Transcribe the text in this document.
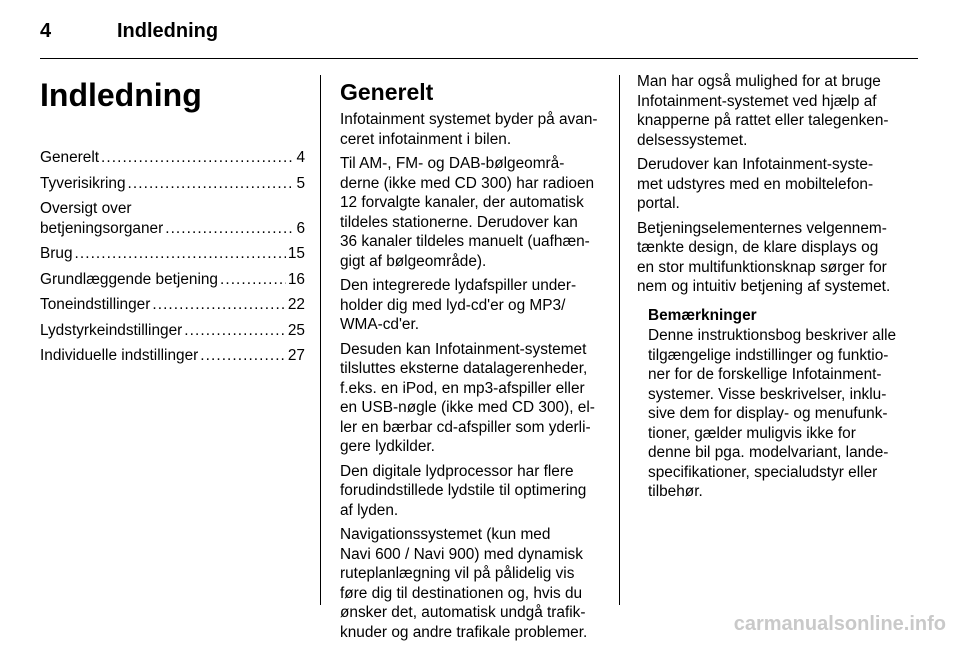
4	Indledning
Indledning
Generelt . . .	4
Tyverisikring . . .	5
Oversigt over
betjeningsorganer . . .	6
Brug . . .	15
Grundlæggende betjening . . .	16
Toneindstillinger . . .	22
Lydstyrkeindstillinger . . .	25
Individuelle indstillinger . . .	27
Generelt

Infotainment systemet byder på avan-
ceret infotainment i bilen.

Til AM-, FM- og DAB-bølgeområ-
derne (ikke med CD 300) har radioen
12 forvalgte kanaler, der automatisk
tildeles stationerne. Derudover kan
36 kanaler tildeles manuelt (uafhæn-
gigt af bølgeområde).

Den integrerede lydafspiller under-
holder dig med lyd-cd'er og MP3/
WMA-cd'er.

Desuden kan Infotainment-systemet
tilsluttes eksterne datalagerenheder,
f.eks. en iPod, en mp3-afspiller eller
en USB-nøgle (ikke med CD 300), el-
ler en bærbar cd-afspiller som yderli-
gere lydkilder.

Den digitale lydprocessor har flere
forudindstillede lydstile til optimering
af lyden.

Navigationssystemet (kun med
Navi 600 / Navi 900) med dynamisk
ruteplanlægning vil på pålidelig vis
føre dig til destinationen og, hvis du
ønsker det, automatisk undgå trafik-
knuder og andre trafikale problemer.

Man har også mulighed for at bruge
Infotainment-systemet ved hjælp af
knapperne på rattet eller talegenken-
delsessystemet.

Derudover kan Infotainment-syste-
met udstyres med en mobiltelefon-
portal.

Betjeningselementernes velgennem-
tænkte design, de klare displays og
en stor multifunktionsknap sørger for
nem og intuitiv betjening af systemet.

Bemærkninger

Denne instruktionsbog beskriver alle
tilgængelige indstillinger og funktio-
ner for de forskellige Infotainment-
systemer. Visse beskrivelser, inklu-
sive dem for display- og menufunk-
tioner, gælder muligvis ikke for
denne bil pga. modelvariant, lande-
specifikationer, specialudstyr eller
tilbehør.

carmanualsonline.info
